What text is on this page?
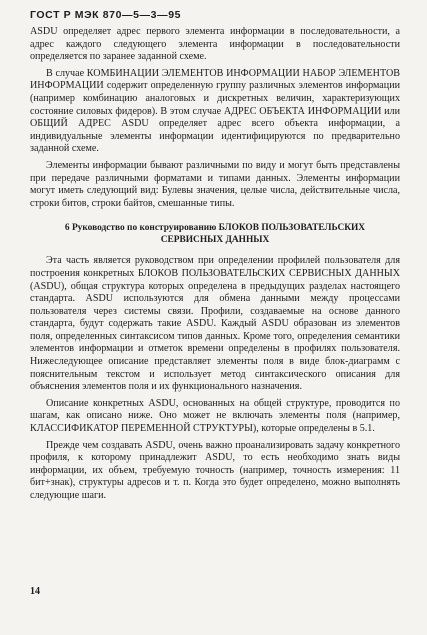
ГОСТ Р МЭК 870—5—3—95

ASDU определяет адрес первого элемента информации в последовательности, а адрес каждого следующего элемента информации в последовательности определяется по заранее заданной схеме.

В случае КОМБИНАЦИИ ЭЛЕМЕНТОВ ИНФОРМАЦИИ НАБОР ЭЛЕМЕНТОВ ИНФОРМАЦИИ содержит определенную группу различных элементов информации (например комбинацию аналоговых и дискретных величин, характеризующих состояние силовых фидеров). В этом случае АДРЕС ОБЪЕКТА ИНФОРМАЦИИ или ОБЩИЙ АДРЕС ASDU определяет адрес всего объекта информации, а индивидуальные элементы информации идентифицируются по предварительно заданной схеме.

Элементы информации бывают различными по виду и могут быть представлены при передаче различными форматами и типами данных. Элементы информации могут иметь следующий вид: Булевы значения, целые числа, действительные числа, строки битов, строки байтов, смешанные типы.

6 Руководство по конструированию БЛОКОВ ПОЛЬЗОВАТЕЛЬСКИХ
СЕРВИСНЫХ ДАННЫХ

Эта часть является руководством при определении профилей пользователя для построения конкретных БЛОКОВ ПОЛЬЗОВАТЕЛЬСКИХ СЕРВИСНЫХ ДАННЫХ (ASDU), общая структура которых определена в предыдущих разделах настоящего стандарта. ASDU используются для обмена данными между процессами пользователя через системы связи. Профили, создаваемые на основе данного стандарта, будут содержать такие ASDU. Каждый ASDU образован из элементов поля, определенных синтаксисом типов данных. Кроме того, определения семантики элементов информации и отметок времени определены в профилях пользователя. Нижеследующее описание представляет элементы поля в виде блок-диаграмм с пояснительным текстом и использует метод синтаксического описания для объяснения элементов поля и их функционального назначения.

Описание конкретных ASDU, основанных на общей структуре, проводится по шагам, как описано ниже. Оно может не включать элементы поля (например, КЛАССИФИКАТОР ПЕРЕМЕННОЙ СТРУКТУРЫ), которые определены в 5.1.

Прежде чем создавать ASDU, очень важно проанализировать задачу конкретного профиля, к которому принадлежит ASDU, то есть необходимо знать виды информации, их объем, требуемую точность (например, точность измерения: 11 бит+знак), структуры адресов и т. п. Когда это будет определено, можно выполнять следующие шаги.

14
